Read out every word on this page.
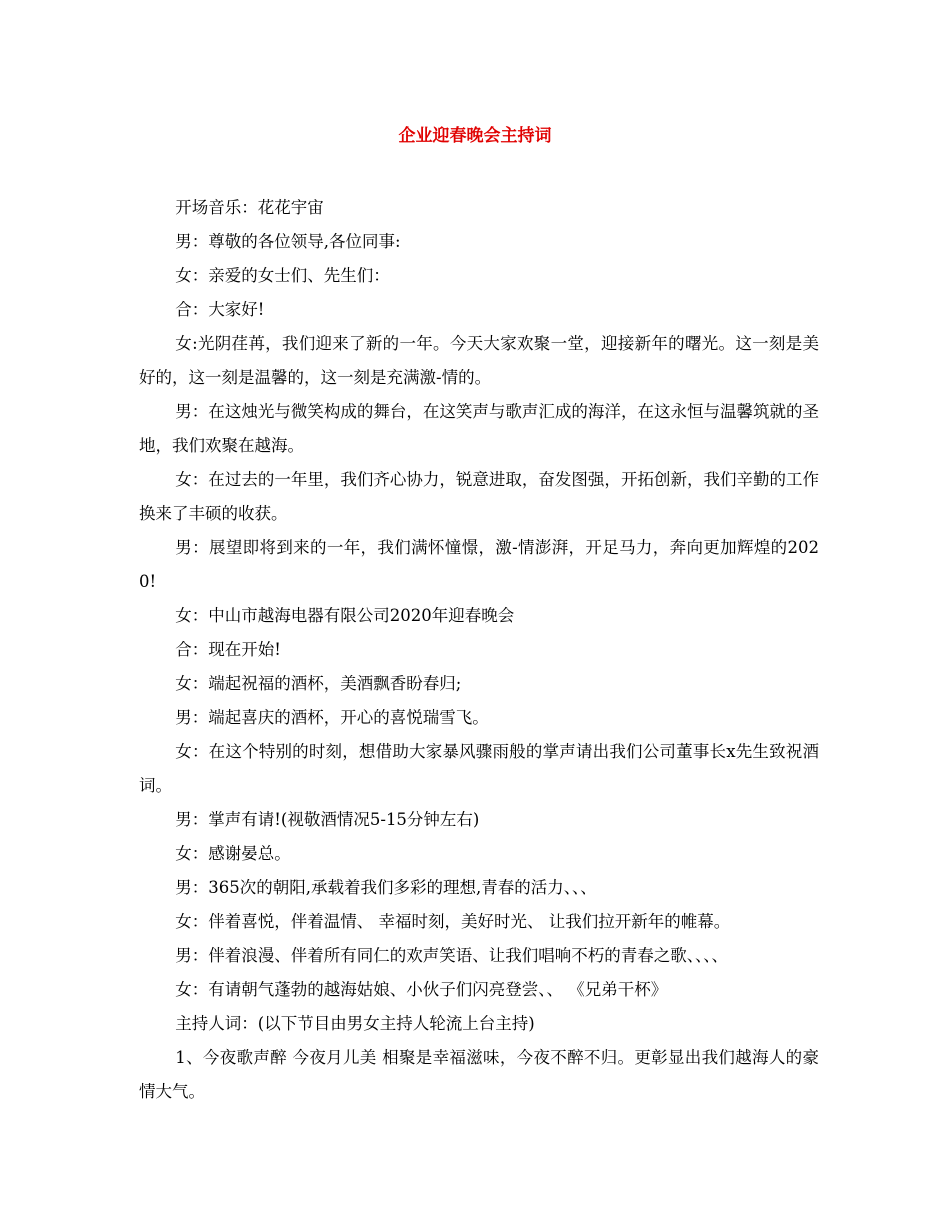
企业迎春晚会主持词

开场音乐：花花宇宙

男：尊敬的各位领导,各位同事:

女：亲爱的女士们、先生们：

合：大家好!

女:光阴荏苒，我们迎来了新的一年。今天大家欢聚一堂，迎接新年的曙光。这一刻是美好的，这一刻是温馨的，这一刻是充满激-情的。

男：在这烛光与微笑构成的舞台，在这笑声与歌声汇成的海洋，在这永恒与温馨筑就的圣地，我们欢聚在越海。

女：在过去的一年里，我们齐心协力，锐意进取，奋发图强，开拓创新，我们辛勤的工作换来了丰硕的收获。

男：展望即将到来的一年，我们满怀憧憬，激-情澎湃，开足马力，奔向更加辉煌的2020!

女：中山市越海电器有限公司2020年迎春晚会

合：现在开始!

女：端起祝福的酒杯，美酒飘香盼春归;

男：端起喜庆的酒杯，开心的喜悦瑞雪飞。

女：在这个特别的时刻，想借助大家暴风骤雨般的掌声请出我们公司董事长x先生致祝酒词。

男：掌声有请!(视敬酒情况5-15分钟左右)

女：感谢晏总。

男：365次的朝阳,承载着我们多彩的理想,青春的活力、、、

女：伴着喜悦，伴着温情、 幸福时刻，美好时光、 让我们拉开新年的帷幕。

男：伴着浪漫、伴着所有同仁的欢声笑语、让我们唱响不朽的青春之歌、、、、

女：有请朝气蓬勃的越海姑娘、小伙子们闪亮登尝、、 《兄弟干杯》

主持人词：(以下节目由男女主持人轮流上台主持)

1、今夜歌声醉 今夜月儿美 相聚是幸福滋味，今夜不醉不归。更彰显出我们越海人的豪情大气。
